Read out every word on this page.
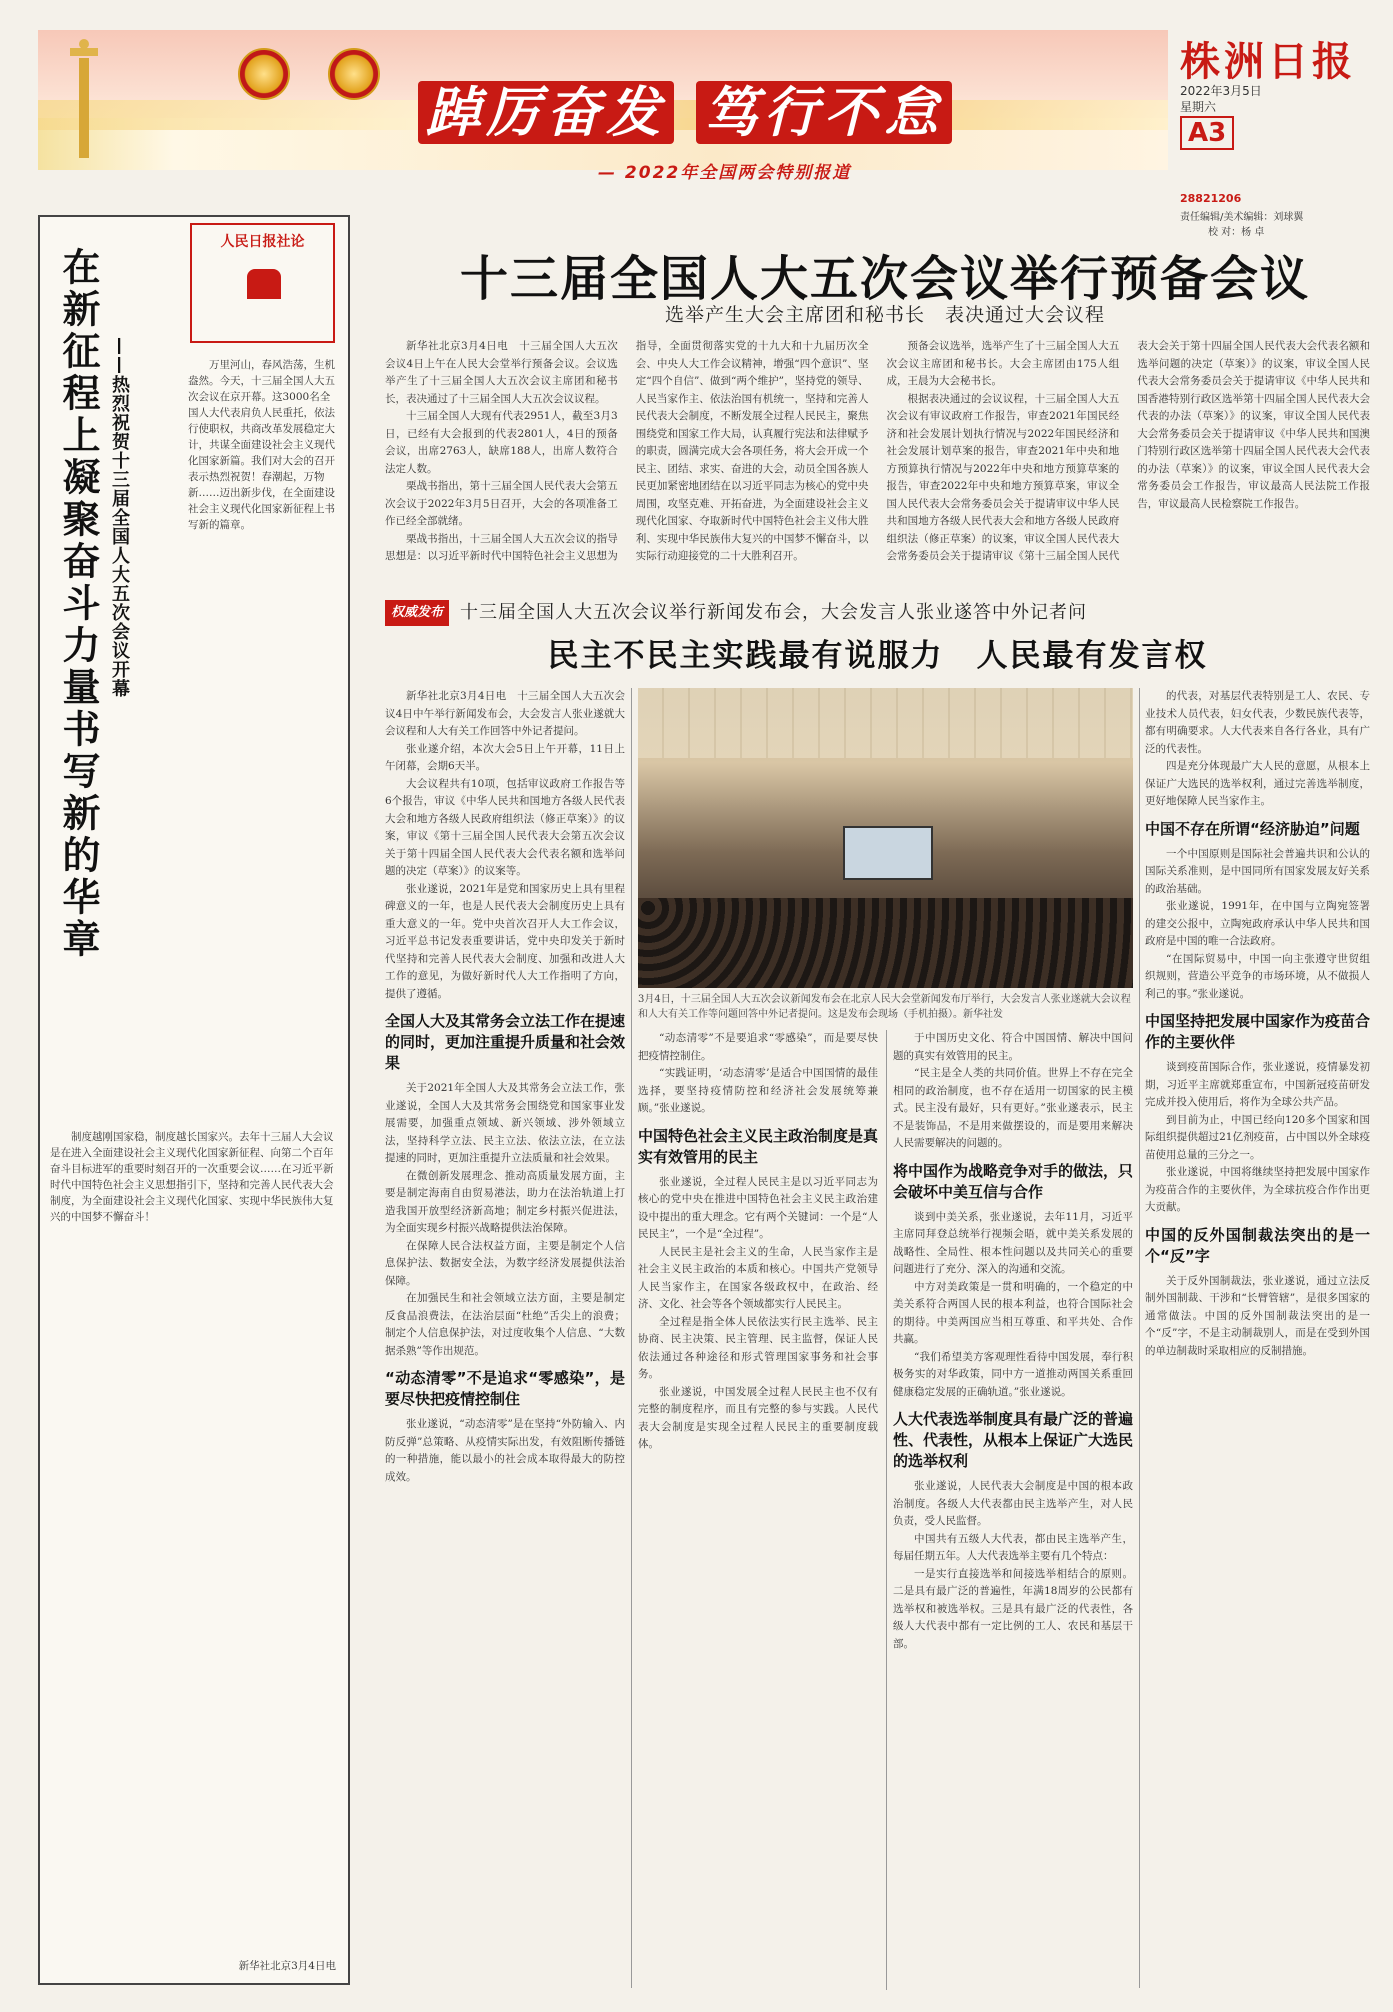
踔厉奋发 笃行不怠
— 2022年全国两会特别报道
株洲日报
2022年3月5日
星期六
A3
28821206
责任编辑/美术编辑：刘球翼
校 对：杨 卓
人民日报社论
在新征程上凝聚奋斗力量书写新的华章 ——热烈祝贺十三届全国人大五次会议开幕	万里河山，春风浩荡，生机盎然。今天，十三届全国人大五次会议在京开幕。这3000名全国人大代表肩负人民重托，依法行使职权，共商改革发展稳定大计，共谋全面建设社会主义现代化国家新篇。我们对大会的召开表示热烈祝贺！春潮起，万物新……迈出新步伐，在全面建设社会主义现代化国家新征程上书写新的篇章。
制度越刚国家稳，制度越长国家兴。去年十三届人大会议是在进入全面建设社会主义现代化国家新征程、向第二个百年奋斗目标进军的重要时刻召开的一次重要会议……在习近平新时代中国特色社会主义思想指引下，坚持和完善人民代表大会制度，为全面建设社会主义现代化国家、实现中华民族伟大复兴的中国梦不懈奋斗！
新华社北京3月4日电
十三届全国人大五次会议举行预备会议
选举产生大会主席团和秘书长　表决通过大会议程

新华社北京3月4日电　十三届全国人大五次会议4日上午在人民大会堂举行预备会议。会议选举产生了十三届全国人大五次会议主席团和秘书长，表决通过了十三届全国人大五次会议议程。

十三届全国人大现有代表2951人，截至3月3日，已经有大会报到的代表2801人，4日的预备会议，出席2763人，缺席188人，出席人数符合法定人数。

栗战书指出，第十三届全国人民代表大会第五次会议于2022年3月5日召开，大会的各项准备工作已经全部就绪。

栗战书指出，十三届全国人大五次会议的指导思想是：以习近平新时代中国特色社会主义思想为指导，全面贯彻落实党的十九大和十九届历次全会、中央人大工作会议精神，增强“四个意识”、坚定“四个自信”、做到“两个维护”，坚持党的领导、人民当家作主、依法治国有机统一，坚持和完善人民代表大会制度，不断发展全过程人民民主，聚焦围绕党和国家工作大局，认真履行宪法和法律赋予的职责，圆满完成大会各项任务，将大会开成一个民主、团结、求实、奋进的大会，动员全国各族人民更加紧密地团结在以习近平同志为核心的党中央周围，攻坚克难、开拓奋进，为全面建设社会主义现代化国家、夺取新时代中国特色社会主义伟大胜利、实现中华民族伟大复兴的中国梦不懈奋斗，以实际行动迎接党的二十大胜利召开。

预备会议选举，选举产生了十三届全国人大五次会议主席团和秘书长。大会主席团由175人组成，王晨为大会秘书长。

根据表决通过的会议议程，十三届全国人大五次会议有审议政府工作报告，审查2021年国民经济和社会发展计划执行情况与2022年国民经济和社会发展计划草案的报告，审查2021年中央和地方预算执行情况与2022年中央和地方预算草案的报告，审查2022年中央和地方预算草案，审议全国人民代表大会常务委员会关于提请审议中华人民共和国地方各级人民代表大会和地方各级人民政府组织法（修正草案）的议案，审议全国人民代表大会常务委员会关于提请审议《第十三届全国人民代表大会关于第十四届全国人民代表大会代表名额和选举问题的决定（草案）》的议案，审议全国人民代表大会常务委员会关于提请审议《中华人民共和国香港特别行政区选举第十四届全国人民代表大会代表的办法（草案）》的议案，审议全国人民代表大会常务委员会关于提请审议《中华人民共和国澳门特别行政区选举第十四届全国人民代表大会代表的办法（草案）》的议案，审议全国人民代表大会常务委员会工作报告，审议最高人民法院工作报告，审议最高人民检察院工作报告。

权威发布 十三届全国人大五次会议举行新闻发布会，大会发言人张业遂答中外记者问
民主不民主实践最有说服力　人民最有发言权
3月4日，十三届全国人大五次会议新闻发布会在北京人民大会堂新闻发布厅举行，大会发言人张业遂就大会议程和人大有关工作等问题回答中外记者提问。这是发布会现场（手机拍摄）。新华社发

新华社北京3月4日电　十三届全国人大五次会议4日中午举行新闻发布会，大会发言人张业遂就大会议程和人大有关工作回答中外记者提问。

张业遂介绍，本次大会5日上午开幕，11日上午闭幕，会期6天半。

大会议程共有10项，包括审议政府工作报告等6个报告，审议《中华人民共和国地方各级人民代表大会和地方各级人民政府组织法（修正草案）》的议案，审议《第十三届全国人民代表大会第五次会议关于第十四届全国人民代表大会代表名额和选举问题的决定（草案）》的议案等。

张业遂说，2021年是党和国家历史上具有里程碑意义的一年，也是人民代表大会制度历史上具有重大意义的一年。党中央首次召开人大工作会议，习近平总书记发表重要讲话，党中央印发关于新时代坚持和完善人民代表大会制度、加强和改进人大工作的意见，为做好新时代人大工作指明了方向，提供了遵循。

全国人大及其常务会立法工作在提速的同时，更加注重提升质量和社会效果

关于2021年全国人大及其常务会立法工作，张业遂说，全国人大及其常务会围绕党和国家事业发展需要，加强重点领域、新兴领域、涉外领域立法，坚持科学立法、民主立法、依法立法，在立法提速的同时，更加注重提升立法质量和社会效果。

在微创新发展理念、推动高质量发展方面，主要是制定海南自由贸易港法，助力在法治轨道上打造我国开放型经济新高地；制定乡村振兴促进法，为全面实现乡村振兴战略提供法治保障。

在保障人民合法权益方面，主要是制定个人信息保护法、数据安全法，为数字经济发展提供法治保障。

在加强民生和社会领域立法方面，主要是制定反食品浪费法，在法治层面“杜绝”舌尖上的浪费；制定个人信息保护法，对过度收集个人信息、“大数据杀熟”等作出规范。

“动态清零”不是追求“零感染”，是要尽快把疫情控制住

张业遂说，“动态清零”是在坚持“外防输入、内防反弹”总策略、从疫情实际出发，有效阻断传播链的一种措施，能以最小的社会成本取得最大的防控成效。

“动态清零”不是要追求“零感染”，而是要尽快把疫情控制住。

“实践证明，‘动态清零’是适合中国国情的最佳选择，要坚持疫情防控和经济社会发展统筹兼顾。”张业遂说。

中国特色社会主义民主政治制度是真实有效管用的民主

张业遂说，全过程人民民主是以习近平同志为核心的党中央在推进中国特色社会主义民主政治建设中提出的重大理念。它有两个关键词：一个是“人民民主”，一个是“全过程”。

人民民主是社会主义的生命，人民当家作主是社会主义民主政治的本质和核心。中国共产党领导人民当家作主，在国家各级政权中，在政治、经济、文化、社会等各个领域都实行人民民主。

全过程是指全体人民依法实行民主选举、民主协商、民主决策、民主管理、民主监督，保证人民依法通过各种途径和形式管理国家事务和社会事务。

张业遂说，中国发展全过程人民民主也不仅有完整的制度程序，而且有完整的参与实践。人民代表大会制度是实现全过程人民民主的重要制度载体。

于中国历史文化、符合中国国情、解决中国问题的真实有效管用的民主。

“民主是全人类的共同价值。世界上不存在完全相同的政治制度，也不存在适用一切国家的民主模式。民主没有最好，只有更好。”张业遂表示，民主不是装饰品，不是用来做摆设的，而是要用来解决人民需要解决的问题的。

将中国作为战略竞争对手的做法，只会破坏中美互信与合作

谈到中美关系，张业遂说，去年11月，习近平主席同拜登总统举行视频会晤，就中美关系发展的战略性、全局性、根本性问题以及共同关心的重要问题进行了充分、深入的沟通和交流。

中方对美政策是一贯和明确的，一个稳定的中美关系符合两国人民的根本利益，也符合国际社会的期待。中美两国应当相互尊重、和平共处、合作共赢。

“我们希望美方客观理性看待中国发展，奉行积极务实的对华政策，同中方一道推动两国关系重回健康稳定发展的正确轨道。”张业遂说。

人大代表选举制度具有最广泛的普遍性、代表性，从根本上保证广大选民的选举权利

张业遂说，人民代表大会制度是中国的根本政治制度。各级人大代表都由民主选举产生，对人民负责，受人民监督。

中国共有五级人大代表，都由民主选举产生，每届任期五年。人大代表选举主要有几个特点：

一是实行直接选举和间接选举相结合的原则。二是具有最广泛的普遍性，年满18周岁的公民都有选举权和被选举权。三是具有最广泛的代表性，各级人大代表中都有一定比例的工人、农民和基层干部。

的代表，对基层代表特别是工人、农民、专业技术人员代表，妇女代表，少数民族代表等，都有明确要求。人大代表来自各行各业，具有广泛的代表性。

四是充分体现最广大人民的意愿，从根本上保证广大选民的选举权利，通过完善选举制度，更好地保障人民当家作主。

中国不存在所谓“经济胁迫”问题

一个中国原则是国际社会普遍共识和公认的国际关系准则，是中国同所有国家发展友好关系的政治基础。

张业遂说，1991年，在中国与立陶宛签署的建交公报中，立陶宛政府承认中华人民共和国政府是中国的唯一合法政府。

“在国际贸易中，中国一向主张遵守世贸组织规则，营造公平竞争的市场环境，从不做损人利己的事。”张业遂说。

中国坚持把发展中国家作为疫苗合作的主要伙伴

谈到疫苗国际合作，张业遂说，疫情暴发初期，习近平主席就郑重宣布，中国新冠疫苗研发完成并投入使用后，将作为全球公共产品。

到目前为止，中国已经向120多个国家和国际组织提供超过21亿剂疫苗，占中国以外全球疫苗使用总量的三分之一。

张业遂说，中国将继续坚持把发展中国家作为疫苗合作的主要伙伴，为全球抗疫合作作出更大贡献。

中国的反外国制裁法突出的是一个“反”字

关于反外国制裁法，张业遂说，通过立法反制外国制裁、干涉和“长臂管辖”，是很多国家的通常做法。中国的反外国制裁法突出的是一个“反”字，不是主动制裁别人，而是在受到外国的单边制裁时采取相应的反制措施。
